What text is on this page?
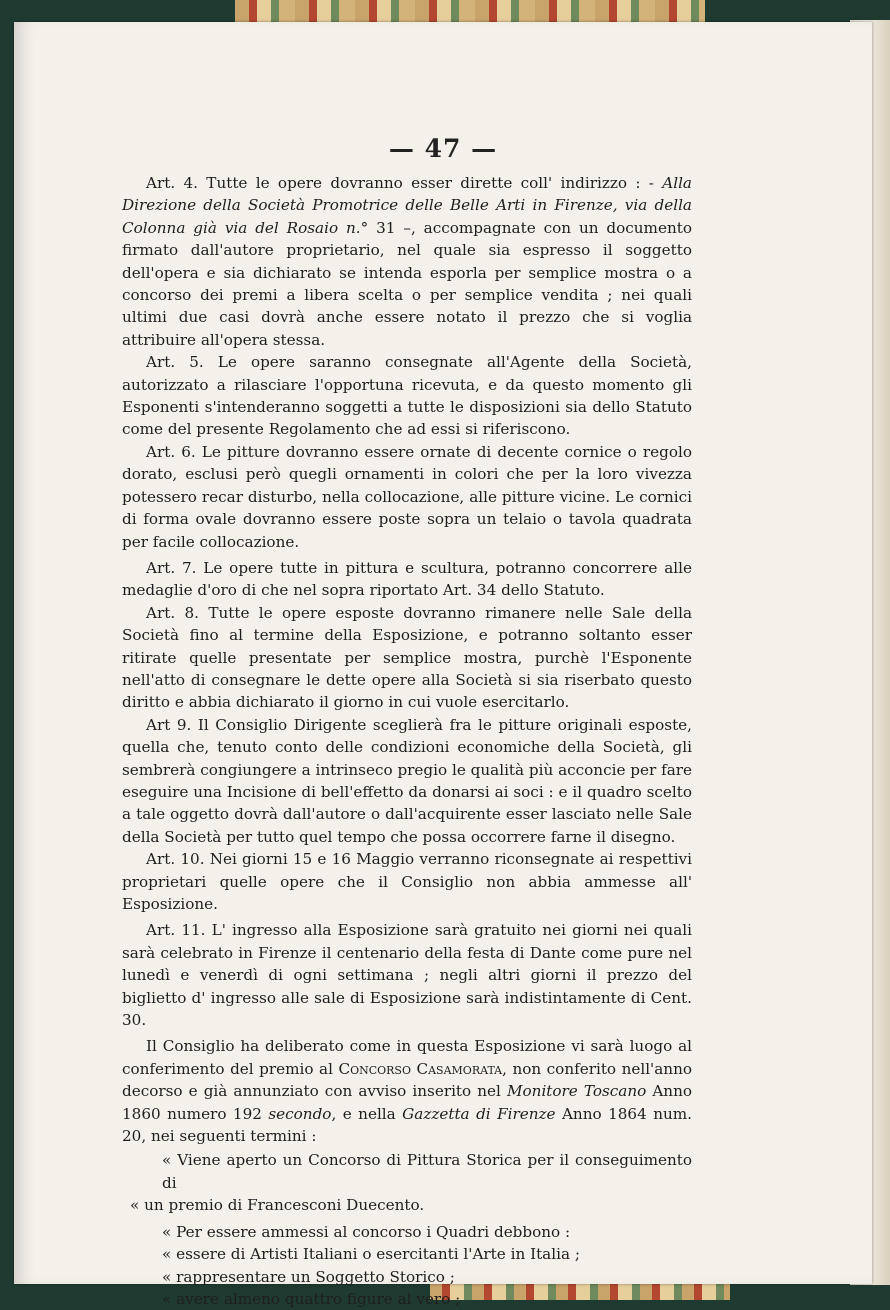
— 47 —

Art. 4. Tutte le opere dovranno esser dirette coll' indirizzo : - Alla Direzione della Società Promotrice delle Belle Arti in Firenze, via della Colonna già via del Rosaio n.° 31 –, accompagnate con un documento firmato dall'autore proprietario, nel quale sia espresso il soggetto dell'opera e sia dichiarato se intenda esporla per semplice mostra o a concorso dei premi a libera scelta o per semplice vendita ; nei quali ultimi due casi dovrà anche essere notato il prezzo che si voglia attribuire all'opera stessa.

Art. 5. Le opere saranno consegnate all'Agente della Società, autorizzato a rilasciare l'opportuna ricevuta, e da questo momento gli Esponenti s'intenderanno soggetti a tutte le disposizioni sia dello Statuto come del presente Regolamento che ad essi si riferiscono.

Art. 6. Le pitture dovranno essere ornate di decente cornice o regolo dorato, esclusi però quegli ornamenti in colori che per la loro vivezza potessero recar disturbo, nella collocazione, alle pitture vicine. Le cornici di forma ovale dovranno essere poste sopra un telaio o tavola quadrata per facile collocazione.

Art. 7. Le opere tutte in pittura e scultura, potranno concorrere alle medaglie d'oro di che nel sopra riportato Art. 34 dello Statuto.

Art. 8. Tutte le opere esposte dovranno rimanere nelle Sale della Società fino al termine della Esposizione, e potranno soltanto esser ritirate quelle presentate per semplice mostra, purchè l'Esponente nell'atto di consegnare le dette opere alla Società si sia riserbato questo diritto e abbia dichiarato il giorno in cui vuole esercitarlo.

Art 9. Il Consiglio Dirigente sceglierà fra le pitture originali esposte, quella che, tenuto conto delle condizioni economiche della Società, gli sembrerà congiungere a intrinseco pregio le qualità più acconcie per fare eseguire una Incisione di bell'effetto da donarsi ai soci : e il quadro scelto a tale oggetto dovrà dall'autore o dall'acquirente esser lasciato nelle Sale della Società per tutto quel tempo che possa occorrere farne il disegno.

Art. 10. Nei giorni 15 e 16 Maggio verranno riconsegnate ai respettivi proprietari quelle opere che il Consiglio non abbia ammesse all' Esposizione.

Art. 11. L' ingresso alla Esposizione sarà gratuito nei giorni nei quali sarà celebrato in Firenze il centenario della festa di Dante come pure nel lunedì e venerdì di ogni settimana ; negli altri giorni il prezzo del biglietto d' ingresso alle sale di Esposizione sarà indistintamente di Cent. 30.

Il Consiglio ha deliberato come in questa Esposizione vi sarà luogo al conferimento del premio al Concorso Casamorata, non conferito nell'anno decorso e già annunziato con avviso inserito nel Monitore Toscano Anno 1860 numero 192 secondo, e nella Gazzetta di Firenze Anno 1864 num. 20, nei seguenti termini :

« Viene aperto un Concorso di Pittura Storica per il conseguimento di

« un premio di Francesconi Duecento.

« Per essere ammessi al concorso i Quadri debbono :

« essere di Artisti Italiani o esercitanti l'Arte in Italia ;

« rappresentare un Soggetto Storico ;

« avere almeno quattro figure al vero ;
